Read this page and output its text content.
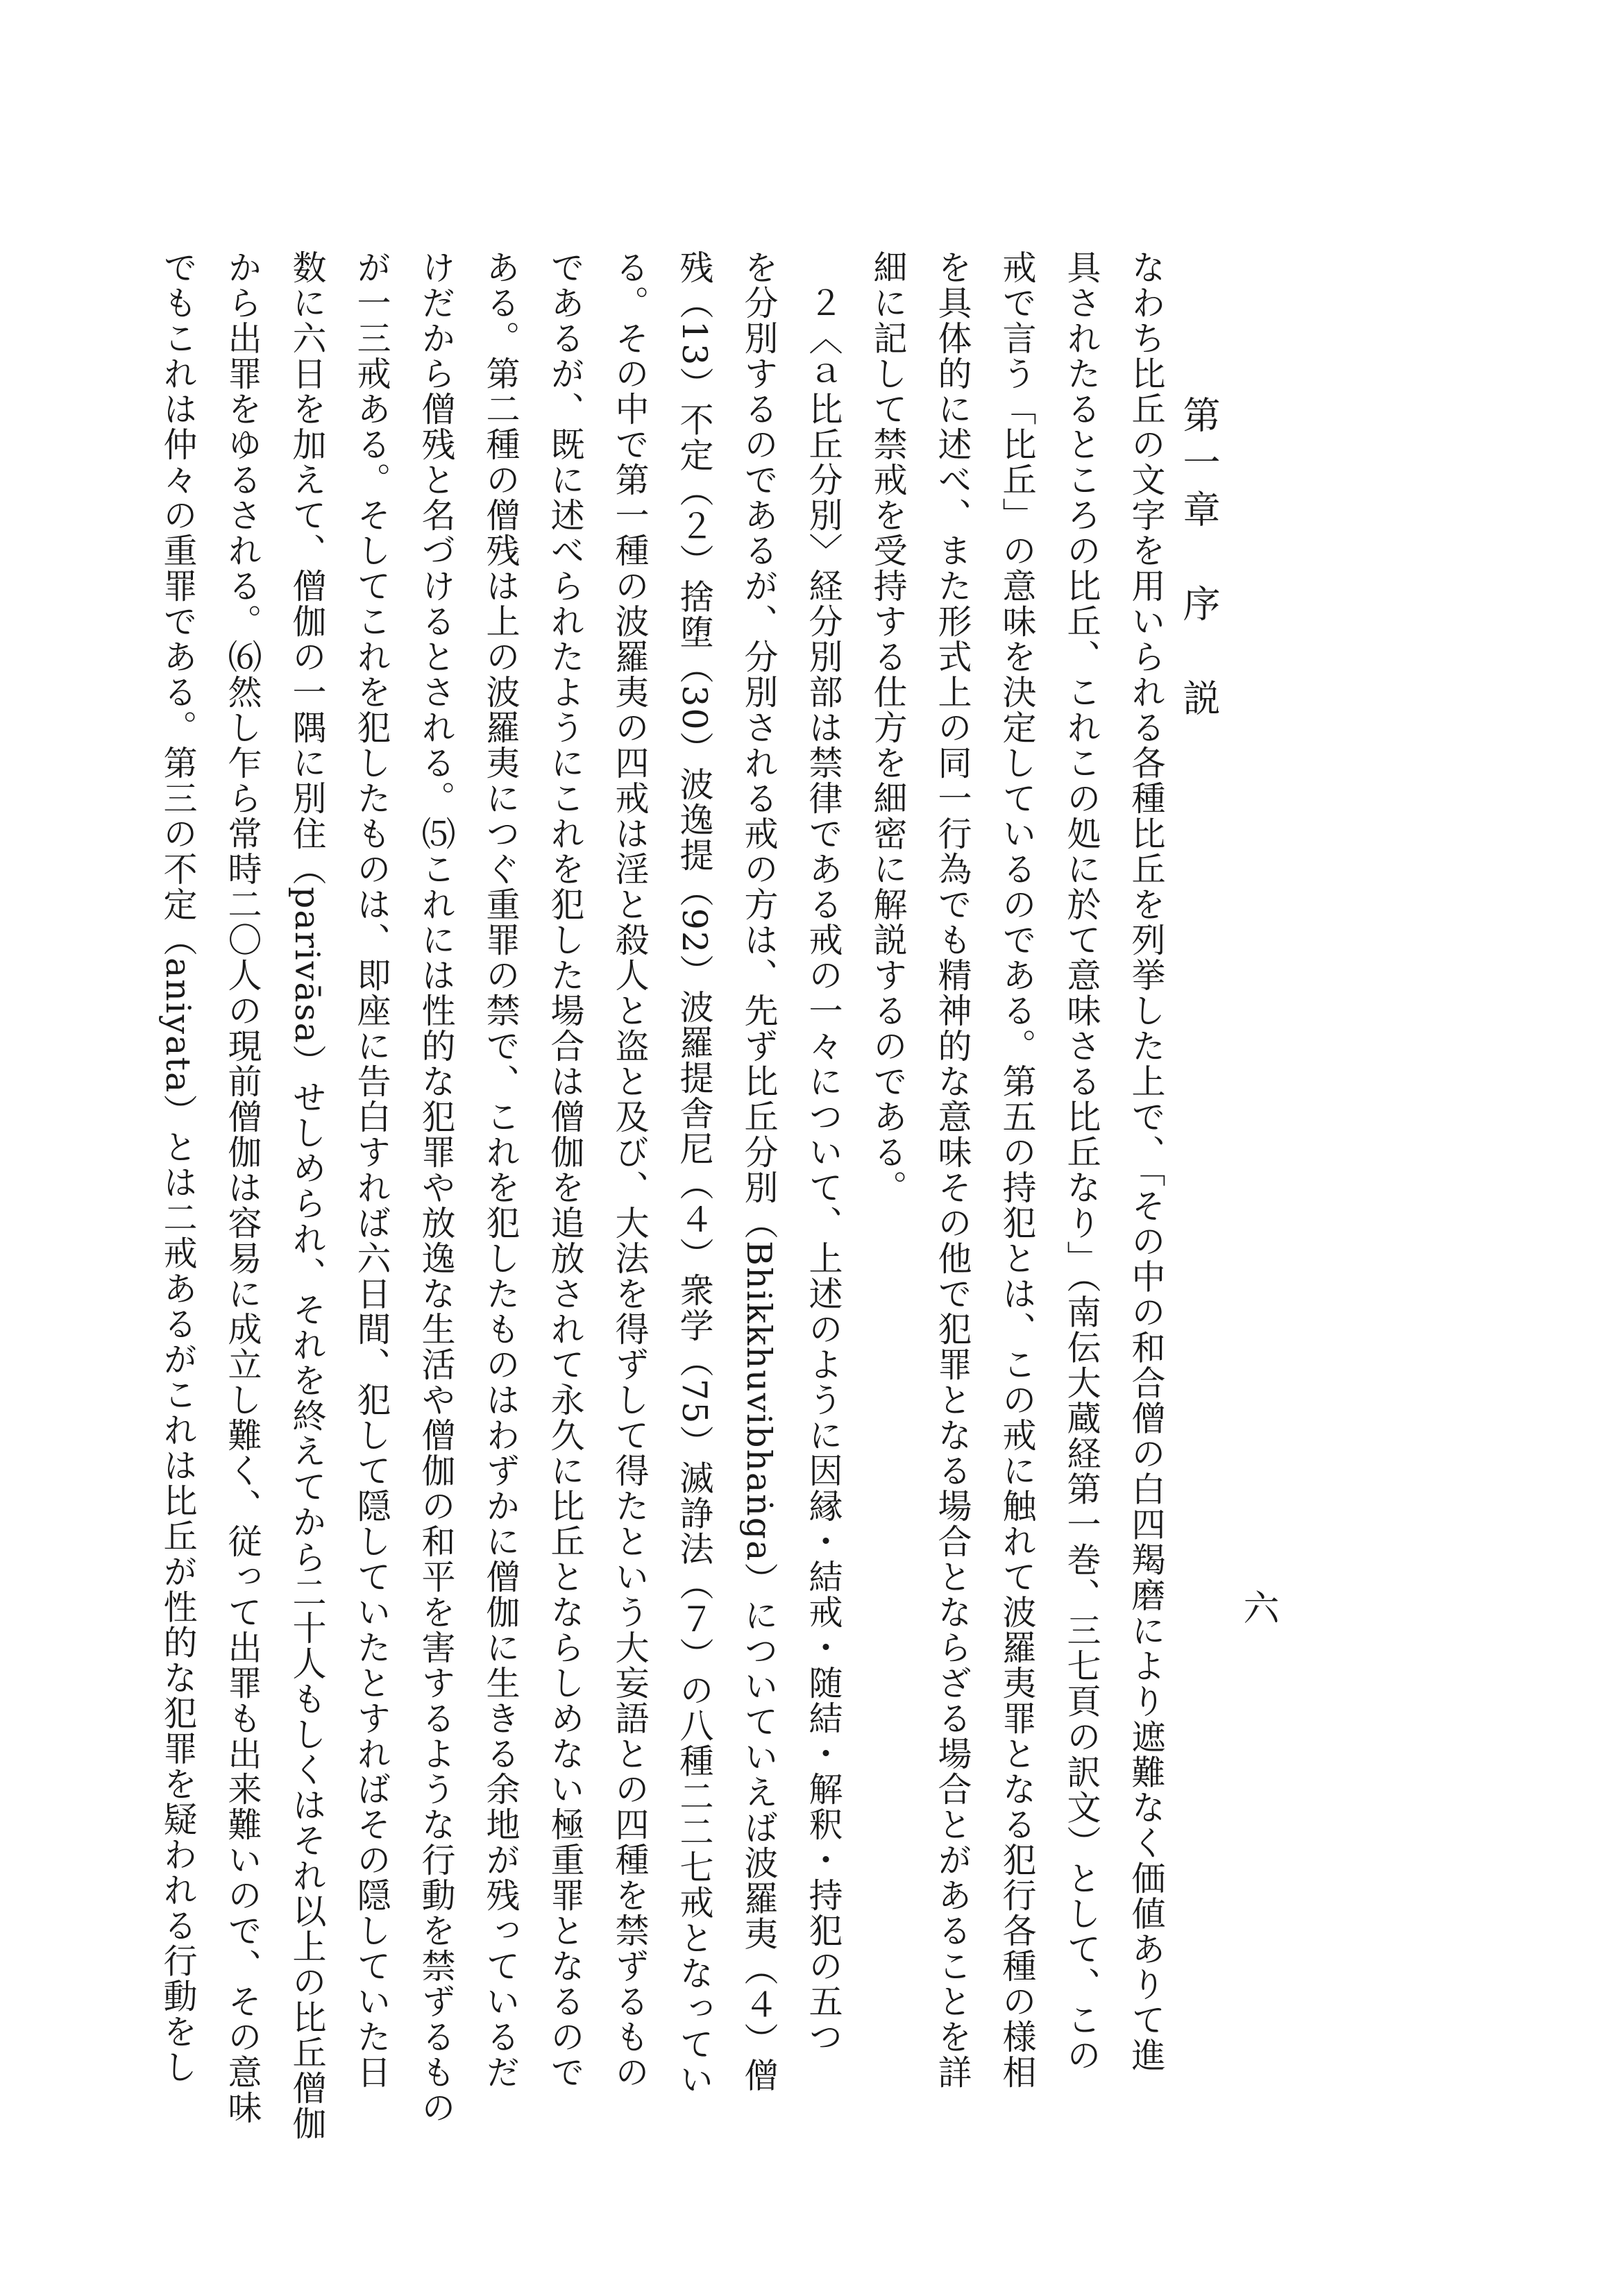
第一章　序　説
六
なわち比丘の文字を用いられる各種比丘を列挙した上で、「その中の和合僧の白四羯磨により遮難なく価値ありて進
具されたるところの比丘、これこの処に於て意味さる比丘なり」（南伝大蔵経第一巻、三七頁の訳文）として、この
戒で言う「比丘」の意味を決定しているのである。第五の持犯とは、この戒に触れて波羅夷罪となる犯行各種の様相
を具体的に述べ、また形式上の同一行為でも精神的な意味その他で犯罪となる場合とならざる場合とがあることを詳
細に記して禁戒を受持する仕方を細密に解説するのである。
　２〈ａ比丘分別〉経分別部は禁律である戒の一々について、上述のように因縁・結戒・随結・解釈・持犯の五つ
を分別するのであるが、分別される戒の方は、先ず比丘分別（Bhikkhuvibhaṅga）についていえば波羅夷（４）僧
残（13）不定（２）捨堕（30）波逸提（92）波羅提舎尼（４）衆学（75）滅諍法（７）の八種二二七戒となってい
る。その中で第一種の波羅夷の四戒は淫と殺人と盗と及び、大法を得ずして得たという大妄語との四種を禁ずるもの
であるが、既に述べられたようにこれを犯した場合は僧伽を追放されて永久に比丘とならしめない極重罪となるので
ある。第二種の僧残は上の波羅夷につぐ重罪の禁で、これを犯したものはわずかに僧伽に生きる余地が残っているだ
けだから僧残と名づけるとされる。⑸これには性的な犯罪や放逸な生活や僧伽の和平を害するような行動を禁ずるもの
が一三戒ある。そしてこれを犯したものは、即座に告白すれば六日間、犯して隠していたとすればその隠していた日
数に六日を加えて、僧伽の一隅に別住（parivāsa）せしめられ、それを終えてから二十人もしくはそれ以上の比丘僧伽
から出罪をゆるされる。⑹然し乍ら常時二〇人の現前僧伽は容易に成立し難く、従って出罪も出来難いので、その意味
でもこれは仲々の重罪である。第三の不定（aniyata）とは二戒あるがこれは比丘が性的な犯罪を疑われる行動をし
